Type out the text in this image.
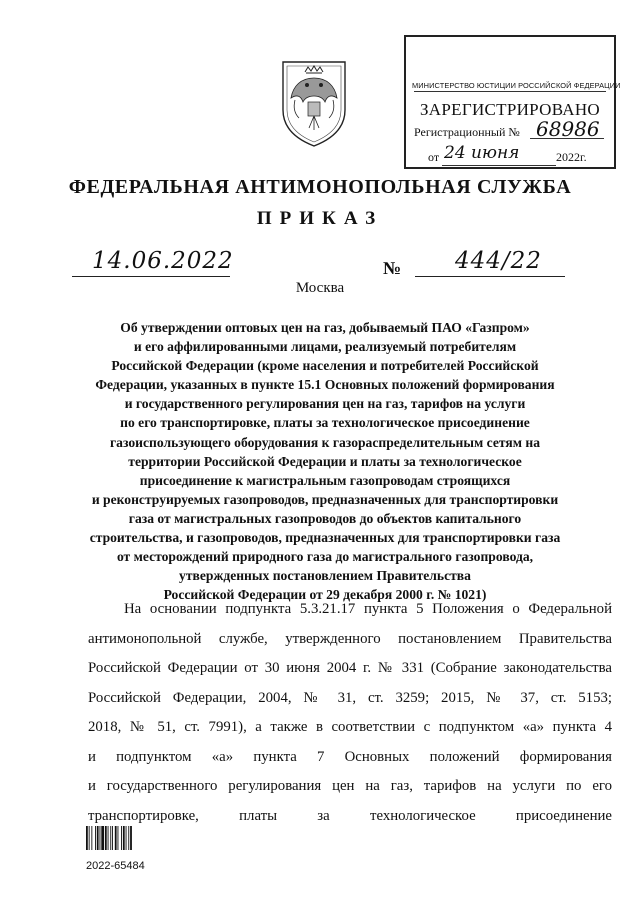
МИНИСТЕРСТВО ЮСТИЦИИ РОССИЙСКОЙ ФЕДЕРАЦИИ
ЗАРЕГИСТРИРОВАНО
Регистрационный № 68986
от 24 июня	2022г.
ФЕДЕРАЛЬНАЯ АНТИМОНОПОЛЬНАЯ СЛУЖБА
ПРИКАЗ
14.06.2022	№ 444/22
Москва
Об утверждении оптовых цен на газ, добываемый ПАО «Газпром»
и его аффилированными лицами, реализуемый потребителям
Российской Федерации (кроме населения и потребителей Российской
Федерации, указанных в пункте 15.1 Основных положений формирования
и государственного регулирования цен на газ, тарифов на услуги
по его транспортировке, платы за технологическое присоединение
газоиспользующего оборудования к газораспределительным сетям на
территории Российской Федерации и платы за технологическое
присоединение к магистральным газопроводам строящихся
и реконструируемых газопроводов, предназначенных для транспортировки
газа от магистральных газопроводов до объектов капитального
строительства, и газопроводов, предназначенных для транспортировки газа
от месторождений природного газа до магистрального газопровода,
утвержденных постановлением Правительства
Российской Федерации от 29 декабря 2000 г. № 1021)
На основании подпункта 5.3.21.17 пункта 5 Положения о Федеральной
антимонопольной службе, утвержденного постановлением Правительства
Российской Федерации от 30 июня 2004 г. № 331 (Собрание законодательства
Российской Федерации, 2004, № 31, ст. 3259; 2015, № 37, ст. 5153;
2018, № 51, ст. 7991), а также в соответствии с подпунктом «а» пункта 4
и подпунктом «а» пункта 7 Основных положений формирования
и государственного регулирования цен на газ, тарифов на услуги по его
транспортировке, платы за технологическое присоединение
2022-65484
